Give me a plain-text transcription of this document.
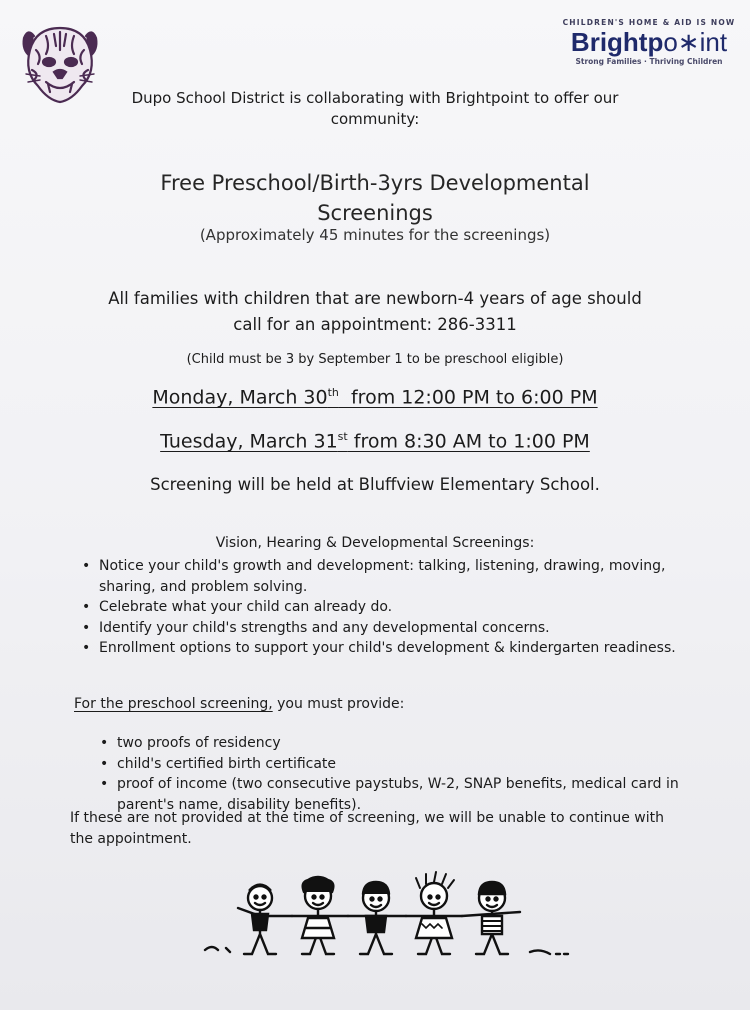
CHILDREN'S HOME & AID IS NOW
Brightpo∗int
Strong Families · Thriving Children
Dupo School District is collaborating with Brightpoint to offer our
community:
Free Preschool/Birth-3yrs Developmental
Screenings
(Approximately 45 minutes for the screenings)
All families with children that are newborn-4 years of age should
call for an appointment: 286-3311
(Child must be 3 by September 1 to be preschool eligible)
Monday, March 30th  from 12:00 PM to 6:00 PM
Tuesday, March 31st from 8:30 AM to 1:00 PM
Screening will be held at Bluffview Elementary School.
Vision, Hearing & Developmental Screenings:
• Notice your child's growth and development: talking, listening, drawing, moving, sharing, and problem solving.
• Celebrate what your child can already do.
• Identify your child's strengths and any developmental concerns.
• Enrollment options to support your child's development & kindergarten readiness.
For the preschool screening, you must provide:
• two proofs of residency
• child's certified birth certificate
• proof of income (two consecutive paystubs, W-2, SNAP benefits, medical card in parent's name, disability benefits).
If these are not provided at the time of screening, we will be unable to continue with the appointment.
